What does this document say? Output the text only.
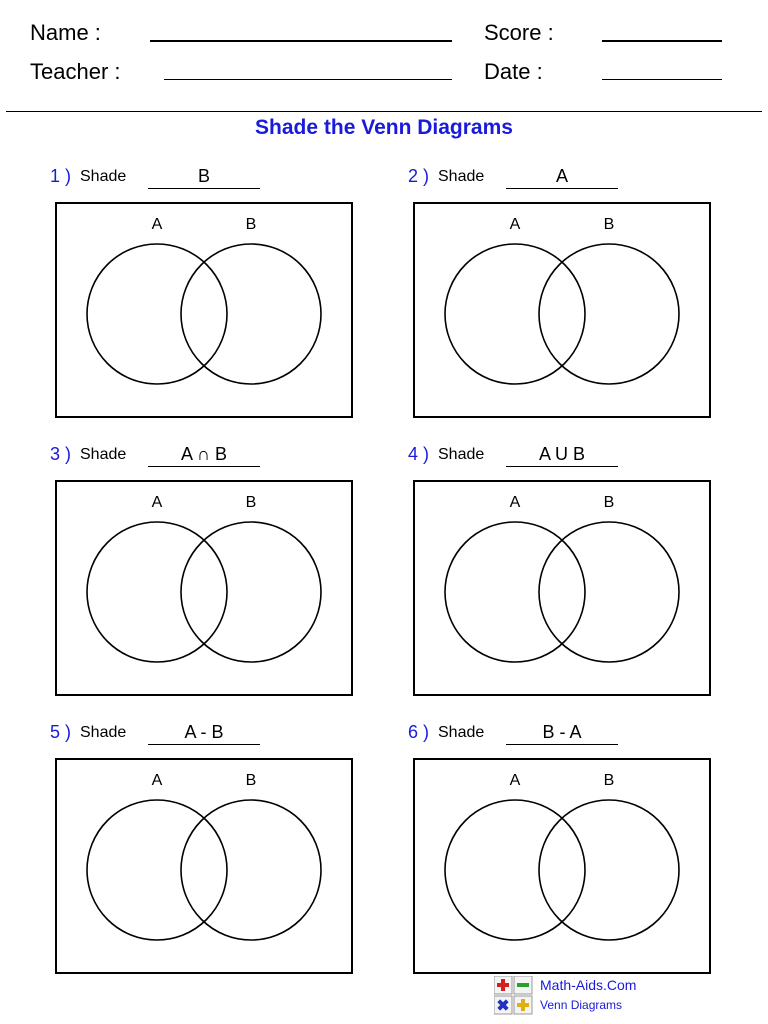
Name :
Teacher :
Score :
Date :
Shade the Venn Diagrams
1 ) Shade	B
A	B
2 ) Shade	A
A	B
3 ) Shade	A ∩ B
A	B
4 ) Shade	A U B
A	B
5 ) Shade	A - B
A	B
6 ) Shade	B - A
A	B
Math-Aids.Com
Venn Diagrams
